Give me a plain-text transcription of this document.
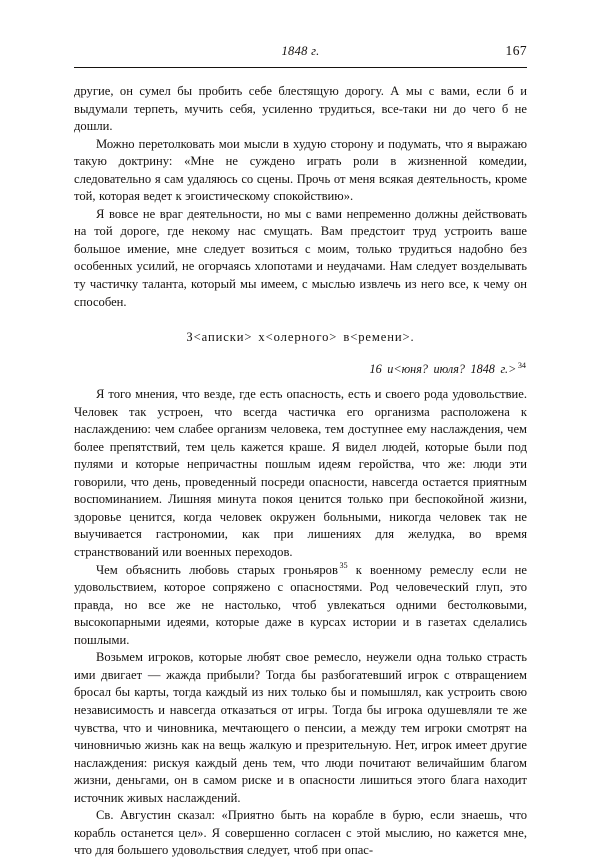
1848 г.	167

другие, он сумел бы пробить себе блестящую дорогу. А мы с вами, если б и выдумали терпеть, мучить себя, усиленно трудиться, все-таки ни до чего б не дошли.

Можно перетолковать мои мысли в худую сторону и подумать, что я выражаю такую доктрину: «Мне не суждено играть роли в жизненной комедии, следовательно я сам удаляюсь со сцены. Прочь от меня всякая деятельность, кроме той, которая ведет к эгоистическому спокойствию».

Я вовсе не враг деятельности, но мы с вами непременно должны действовать на той дороге, где некому нас смущать. Вам предстоит труд устроить ваше большое имение, мне следует возиться с моим, только трудиться надобно без особенных усилий, не огорчаясь хлопотами и неудачами. Нам следует возделывать ту частичку таланта, который мы имеем, с мыслью извлечь из него все, к чему он способен.

З<аписки> х<олерного> в<ремени>.
16 и<юня? июля? 1848 г.> $^{34}$

Я того мнения, что везде, где есть опасность, есть и своего рода удовольствие. Человек так устроен, что всегда частичка его организма расположена к наслаждению: чем слабее организм человека, тем доступнее ему наслаждения, чем более препятствий, тем цель кажется краше. Я видел людей, которые были под пулями и которые непричастны пошлым идеям геройства, что же: люди эти говорили, что день, проведенный посреди опасности, навсегда остается приятным воспоминанием. Лишняя минута покоя ценится только при беспокойной жизни, здоровье ценится, когда человек окружен больными, никогда человек так не выучивается гастрономии, как при лишениях для желудка, во время странствований или военных переходов.

Чем объяснить любовь старых гроньяров $^{35}$ к военному ремеслу если не удовольствием, которое сопряжено с опасностями. Род человеческий глуп, это правда, но все же не настолько, чтоб увлекаться одними бестолковыми, высокопарными идеями, которые даже в курсах истории и в газетах сделались пошлыми.

Возьмем игроков, которые любят свое ремесло, неужели одна только страсть ими двигает — жажда прибыли? Тогда бы разбогатевший игрок с отвращением бросал бы карты, тогда каждый из них только бы и помышлял, как устроить свою независимость и навсегда отказаться от игры. Тогда бы игрока одушевляли те же чувства, что и чиновника, мечтающего о пенсии, а между тем игроки смотрят на чиновничью жизнь как на вещь жалкую и презрительную. Нет, игрок имеет другие наслаждения: рискуя каждый день тем, что люди почитают величайшим благом жизни, деньгами, он в самом риске и в опасности лишиться этого блага находит источник живых наслаждений.

Св. Августин сказал: «Приятно быть на корабле в бурю, если знаешь, что корабль останется цел». Я совершенно согласен с этой мыслию, но кажется мне, что для большего удовольствия следует, чтоб при опас-
